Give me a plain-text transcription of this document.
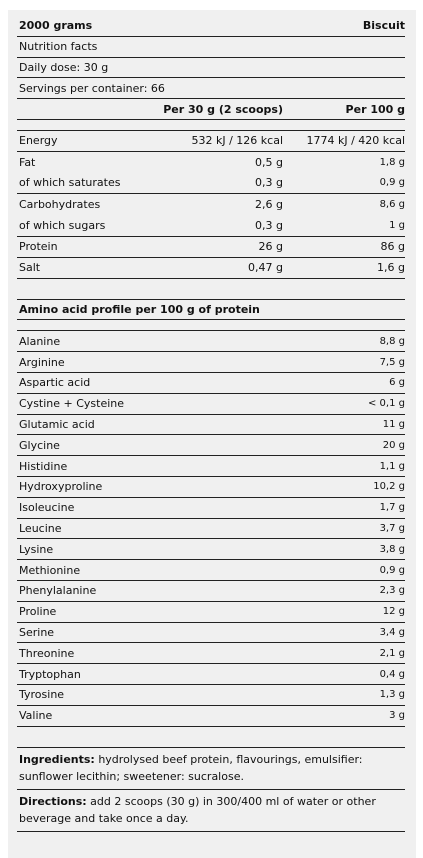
2000 grams	Biscuit
Nutrition facts
Daily dose: 30 g
Servings per container: 66
Per 30 g (2 scoops)	Per 100 g
Energy	532 kJ / 126 kcal	1774 kJ / 420 kcal
Fat	0,5 g	1,8 g
of which saturates	0,3 g	0,9 g
Carbohydrates	2,6 g	8,6 g
of which sugars	0,3 g	1 g
Protein	26 g	86 g
Salt	0,47 g	1,6 g
Amino acid profile per 100 g of protein
Alanine	8,8 g
Arginine	7,5 g
Aspartic acid	6 g
Cystine + Cysteine	< 0,1 g
Glutamic acid	11 g
Glycine	20 g
Histidine	1,1 g
Hydroxyproline	10,2 g
Isoleucine	1,7 g
Leucine	3,7 g
Lysine	3,8 g
Methionine	0,9 g
Phenylalanine	2,3 g
Proline	12 g
Serine	3,4 g
Threonine	2,1 g
Tryptophan	0,4 g
Tyrosine	1,3 g
Valine	3 g
Ingredients: hydrolysed beef protein, flavourings, emulsifier: sunflower lecithin; sweetener: sucralose.
Directions: add 2 scoops (30 g) in 300/400 ml of water or other beverage and take once a day.
